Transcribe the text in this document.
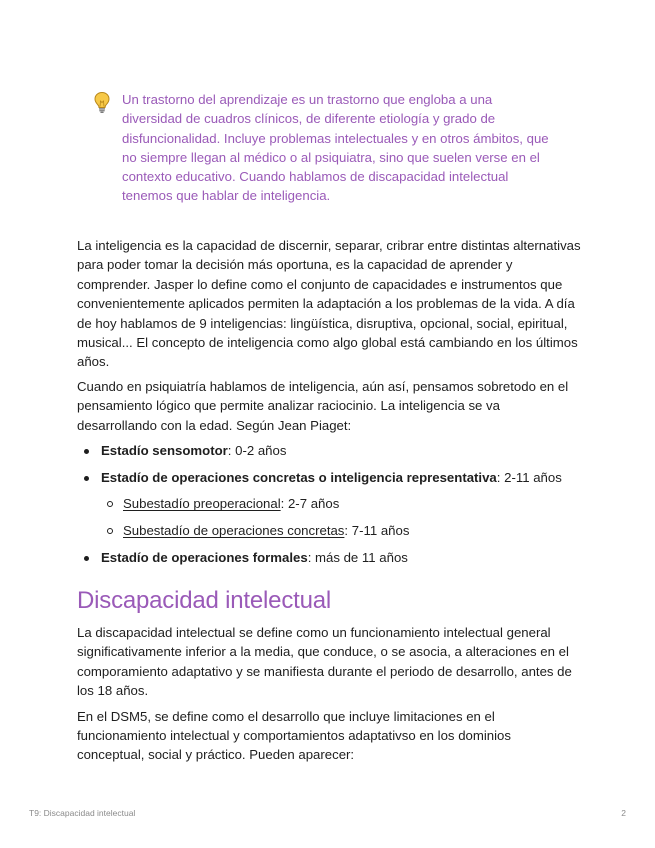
Un trastorno del aprendizaje es un trastorno que engloba a una diversidad de cuadros clínicos, de diferente etiología y grado de disfuncionalidad. Incluye problemas intelectuales y en otros ámbitos, que no siempre llegan al médico o al psiquiatra, sino que suelen verse en el contexto educativo. Cuando hablamos de discapacidad intelectual tenemos que hablar de inteligencia.

La inteligencia es la capacidad de discernir, separar, cribrar entre distintas alternativas para poder tomar la decisión más oportuna, es la capacidad de aprender y comprender. Jasper lo define como el conjunto de capacidades e instrumentos que convenientemente aplicados permiten la adaptación a los problemas de la vida. A día de hoy hablamos de 9 inteligencias: lingüística, disruptiva, opcional, social, epiritual, musical... El concepto de inteligencia como algo global está cambiando en los últimos años.

Cuando en psiquiatría hablamos de inteligencia, aún así, pensamos sobretodo en el pensamiento lógico que permite analizar raciocinio. La inteligencia se va desarrollando con la edad. Según Jean Piaget:

Estadío sensomotor: 0-2 años
Estadío de operaciones concretas o inteligencia representativa: 2-11 años
Subestadío preoperacional: 2-7 años
Subestadío de operaciones concretas: 7-11 años
Estadío de operaciones formales: más de 11 años
Discapacidad intelectual

La discapacidad intelectual se define como un funcionamiento intelectual general significativamente inferior a la media, que conduce, o se asocia, a alteraciones en el comporamiento adaptativo y se manifiesta durante el periodo de desarrollo, antes de los 18 años.

En el DSM5, se define como el desarrollo que incluye limitaciones en el funcionamiento intelectual y comportamientos adaptativso en los dominios conceptual, social y práctico. Pueden aparecer:

T9: Discapacidad intelectual	2
